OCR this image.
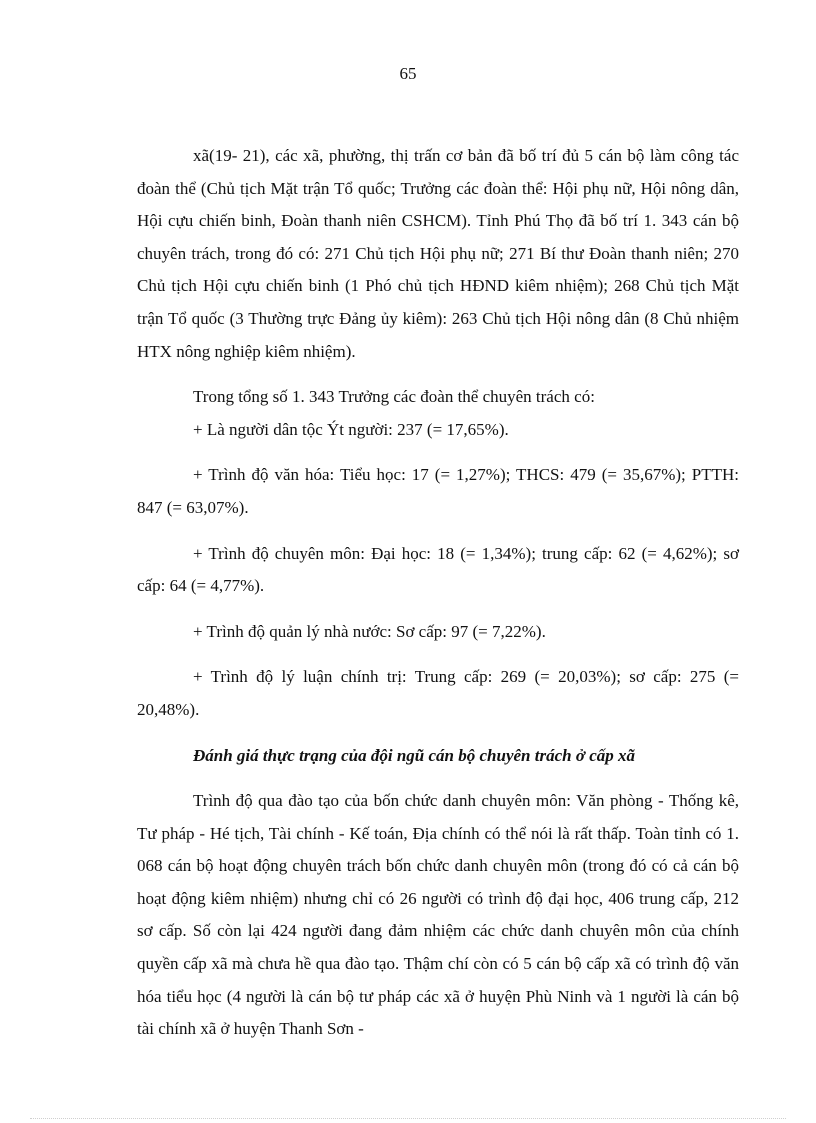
65

xã(19- 21), các xã, phường, thị trấn cơ bản đã bố trí đủ 5 cán bộ làm công tác đoàn thể (Chủ tịch Mặt trận Tổ quốc; Trưởng các đoàn thể: Hội phụ nữ, Hội nông dân, Hội cựu chiến binh, Đoàn thanh niên CSHCM). Tỉnh Phú Thọ đã bố trí 1. 343 cán bộ chuyên trách, trong đó có: 271 Chủ tịch Hội phụ nữ; 271 Bí thư Đoàn thanh niên; 270 Chủ tịch Hội cựu chiến binh (1 Phó chủ tịch HĐND kiêm nhiệm); 268 Chủ tịch Mặt trận Tổ quốc (3 Thường trực Đảng ủy kiêm): 263 Chủ tịch Hội nông dân (8 Chủ nhiệm HTX nông nghiệp kiêm nhiệm).

Trong tổng số 1. 343 Trưởng các đoàn thể chuyên trách có:

+ Là người dân tộc Ýt người: 237 (= 17,65%).

+ Trình độ văn hóa: Tiểu học: 17 (= 1,27%); THCS: 479 (= 35,67%); PTTH: 847 (= 63,07%).

+ Trình độ chuyên môn: Đại học: 18 (= 1,34%); trung cấp: 62 (= 4,62%); sơ cấp: 64 (= 4,77%).

+ Trình độ quản lý nhà nước: Sơ cấp: 97 (= 7,22%).

+ Trình độ lý luận chính trị: Trung cấp: 269 (= 20,03%); sơ cấp: 275 (= 20,48%).

Đánh giá thực trạng của đội ngũ cán bộ chuyên trách ở cấp xã

Trình độ qua đào tạo của bốn chức danh chuyên môn: Văn phòng - Thống kê, Tư pháp - Hé tịch, Tài chính - Kế toán, Địa chính có thể nói là rất thấp. Toàn tỉnh có 1. 068 cán bộ hoạt động chuyên trách bốn chức danh chuyên môn (trong đó có cả cán bộ hoạt động kiêm nhiệm) nhưng chỉ có 26 người có trình độ đại học, 406 trung cấp, 212 sơ cấp. Số còn lại 424 người đang đảm nhiệm các chức danh chuyên môn của chính quyền cấp xã mà chưa hề qua đào tạo. Thậm chí còn có 5 cán bộ cấp xã có trình độ văn hóa tiểu học (4 người là cán bộ tư pháp các xã ở huyện Phù Ninh và 1 người là cán bộ tài chính xã ở huyện Thanh Sơn -
